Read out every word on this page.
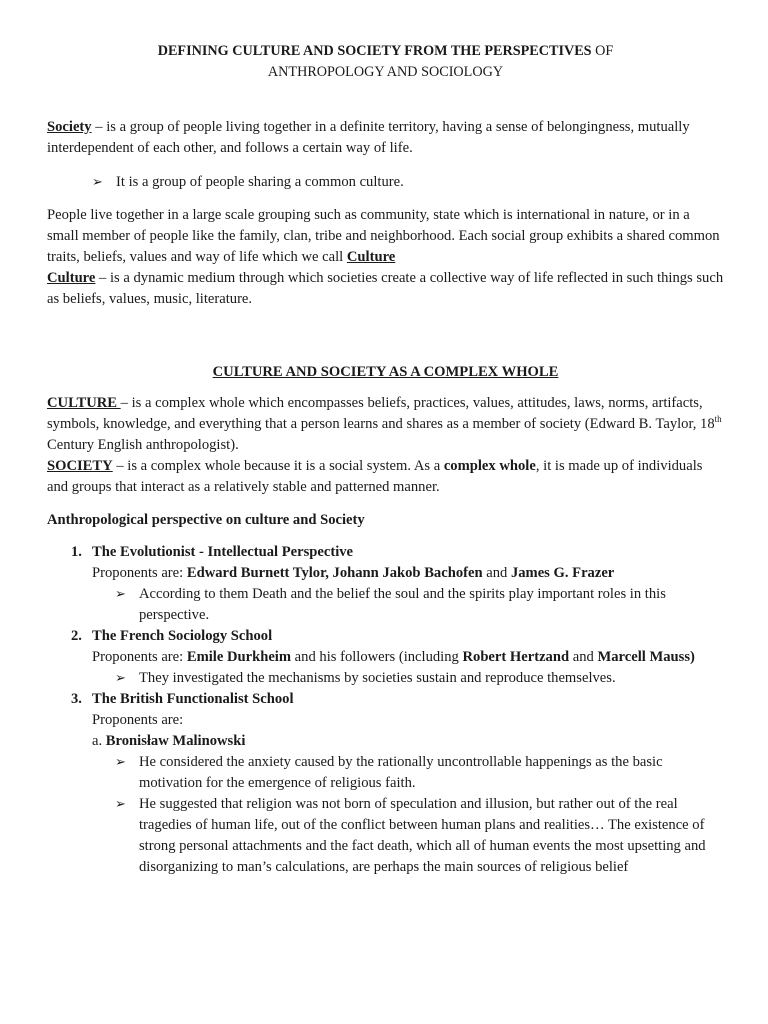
DEFINING CULTURE AND SOCIETY FROM THE PERSPECTIVES OF
ANTHROPOLOGY AND SOCIOLOGY

Society – is a group of people living together in a definite territory, having a sense of belongingness, mutually interdependent of each other, and follows a certain way of life.

➢ It is a group of people sharing a common culture.

People live together in a large scale grouping such as community, state which is international in nature, or in a small member of people like the family, clan, tribe and neighborhood. Each social group exhibits a shared common traits, beliefs, values and way of life which we call Culture

Culture – is a dynamic medium through which societies create a collective way of life reflected in such things such as beliefs, values, music, literature.

CULTURE AND SOCIETY AS A COMPLEX WHOLE

CULTURE – is a complex whole which encompasses beliefs, practices, values, attitudes, laws, norms, artifacts, symbols, knowledge, and everything that a person learns and shares as a member of society (Edward B. Taylor, 18th Century English anthropologist).

SOCIETY – is a complex whole because it is a social system. As a complex whole, it is made up of individuals and groups that interact as a relatively stable and patterned manner.

Anthropological perspective on culture and Society

1. The Evolutionist - Intellectual Perspective

Proponents are: Edward Burnett Tylor, Johann Jakob Bachofen and James G. Frazer

➢ According to them Death and the belief the soul and the spirits play important roles in this perspective.
2. The French Sociology School

Proponents are: Emile Durkheim and his followers (including Robert Hertzand and Marcell Mauss)

➢ They investigated the mechanisms by societies sustain and reproduce themselves.
3. The British Functionalist School

Proponents are:

a. Bronisław Malinowski

➢ He considered the anxiety caused by the rationally uncontrollable happenings as the basic motivation for the emergence of religious faith.
➢ He suggested that religion was not born of speculation and illusion, but rather out of the real tragedies of human life, out of the conflict between human plans and realities… The existence of strong personal attachments and the fact death, which all of human events the most upsetting and disorganizing to man’s calculations, are perhaps the main sources of religious belief
